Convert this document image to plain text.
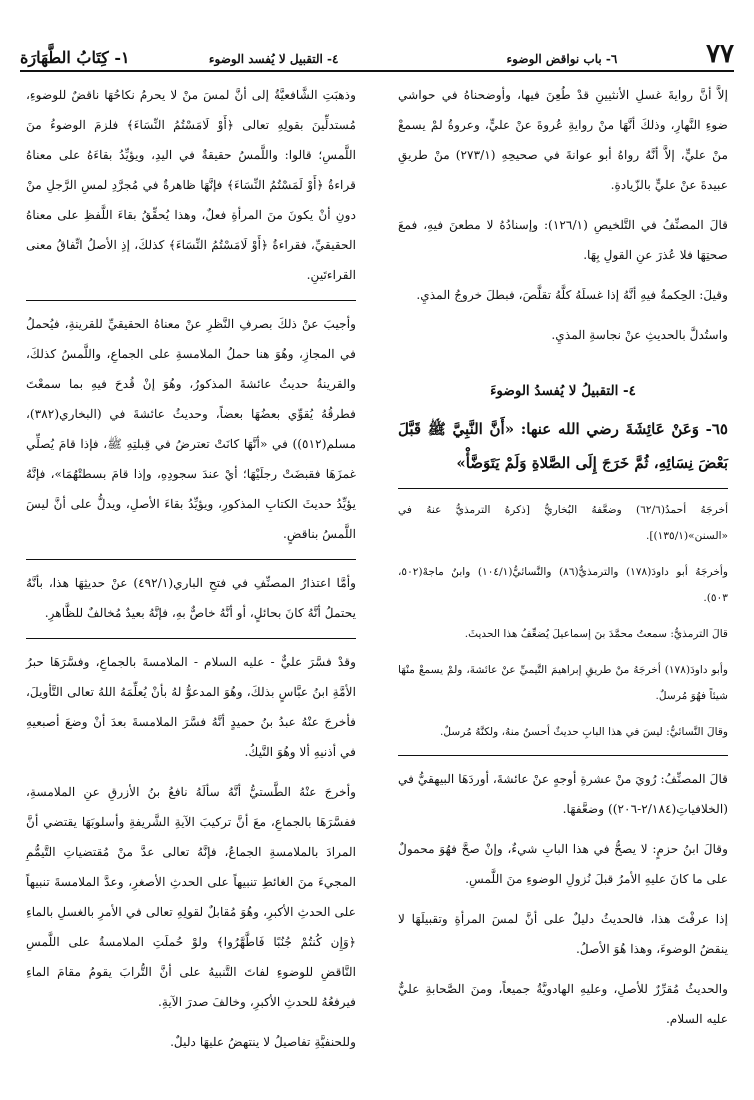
٧٧
٦- باب نواقض الوضوء
٤- التقبيل لا يُفسد الوضوء
١- كِتَابُ الطَّهَارَة

إلاَّ أنَّ روايةَ غسلِ الأنثيينِ قدْ طُعِنَ فيها، وأوضحناهُ في حواشي ضوءِ النَّهارِ، وذلكَ أنَّهَا منْ روايةِ عُروةَ عنْ عليٍّ، وعروةُ لمْ يسمعْ منْ عليٍّ، إلاَّ أنَّهُ رواهُ أبو عوانةَ في صحيحِهِ (٢٧٣/١) منْ طريقِ عبيدةَ عنْ عليٍّ بالزّيادةِ.

قالَ المصنِّفُ في التَّلخيصِ (١٢٦/١): وإسنادُهُ لا مطعنَ فيهِ، فمعَ صحتِهَا فلا عُذرَ عنِ القولِ بِهَا.

وقيلَ: الحِكمةُ فيهِ أنَّهُ إذا غسلَهُ كلَّهُ تقلَّصَ، فبطلَ خروجُ المذيِ.

واستُدلَّ بالحديثِ عنْ نجاسةِ المذيِ.

٤- التقبيلُ لا يُفسدُ الوضوءَ
٦٥- وَعَنْ عَائِشَةَ رضي الله عنها: «أَنَّ النَّبِيَّ ﷺ قَبَّلَ بَعْضَ نِسَائِهِ، ثُمَّ خَرَجَ إِلَى الصَّلاةِ وَلَمْ يَتَوَضَّأْ»

أخرجَهُ أحمدُ(٦٢/٦) وضعَّفهُ البُخاريُّ [ذكرهُ الترمذيُّ عنهُ في «السنن»(١٣٥/١)].

وأخرجَهُ أبو داودَ(١٧٨) والترمذيُّ(٨٦) والنَّسائيُّ(١٠٤/١) وابنُ ماجهْ(٥٠٢، ٥٠٣).

قالَ الترمذيُّ: سمعتُ محمَّدَ بنَ إسماعيلَ يُضعِّفُ هذا الحديثَ.

وأبو داودَ(١٧٨) أخرجَهُ منْ طريقِ إبراهيمَ التَّيميِّ عنْ عائشةَ، ولمْ يسمعْ منْهَا شيئاً فهُوَ مُرسلٌ.

وقالَ النَّسائيُّ: ليسَ في هذا البابِ حديثٌ أحسنُ منهُ، ولكنَّهُ مُرسلٌ.

قالَ المصنِّفُ: رُويَ منْ عشرةِ أوجهٍ عنْ عائشةَ، أوردَهَا البيهقيُّ في (الخلافياتِ(٢/١٨٤-٢٠٦)) وضعَّفهَا.

وقالَ ابنُ حزمٍ: لا يصحُّ في هذا البابِ شيءٌ، وإنْ صحَّ فهُوَ محمولٌ على ما كانَ عليهِ الأمرُ قبلَ نُزولِ الوضوءِ منَ اللَّمسِ.

إذا عرفْتَ هذا، فالحديثُ دليلٌ على أنَّ لمسَ المرأةِ وتقبيلَهَا لا ينقضُ الوضوءَ، وهذا هُوَ الأصلُ.

والحديثُ مُقرِّرٌ للأصلِ، وعليهِ الهادويَّةُ جميعاً، ومنَ الصَّحابةِ عليٌّ عليه السلام.

وذهبَتِ الشَّافعيَّةُ إلى أنَّ لمسَ منْ لا يحرمُ نكاحُهَا ناقضٌ للوضوءِ، مُستدلِّينَ بقولِهِ تعالى ﴿أَوْ لَامَسْتُمُ النِّسَاءَ﴾ فلزمَ الوضوءُ منَ اللَّمسِ؛ قالوا: واللَّمسُ حقيقةٌ في اليدِ، ويؤيِّدُ بقاءَهُ على معناهُ قراءةُ ﴿أَوْ لَمَسْتُمُ النِّسَاءَ﴾ فإنَّهَا ظاهرةٌ في مُجرَّدِ لمسِ الرَّجلِ منْ دونِ أنْ يكونَ منَ المرأةِ فعلٌ، وهذا يُحقِّقُ بقاءَ اللَّفظِ على معناهُ الحقيقيِّ، فقراءةُ ﴿أَوْ لَامَسْتُمُ النِّسَاءَ﴾ كذلكَ، إذِ الأصلُ اتِّفاقُ معنى القراءتَينِ.

وأجيبَ عنْ ذلكَ بصرفِ النَّظرِ عنْ معناهُ الحقيقيِّ للقرينةِ، فيُحملُ في المجازِ، وهُوَ هنا حملُ الملامسةِ على الجماعِ، واللَّمسُ كذلكَ، والقرينةُ حديثُ عائشةَ المذكورُ، وهُوَ إنْ قُدحَ فيهِ بما سمعْتَ فطرقُهُ يُقوِّي بعضُهَا بعضاً، وحديثُ عائشةَ في (البخاري(٣٨٢)، مسلم(٥١٢)) في «أنَّهَا كانَتْ تعترضُ في قِبلتِهِ ﷺ، فإذا قامَ يُصلِّي غمزَهَا فقبضَتْ رجلَيْهَا؛ أيْ عندَ سجودِهِ، وإذا قامَ بسطتْهُمَا»، فإنَّهُ يؤيِّدُ حديثَ الكتابِ المذكورِ، ويؤيِّدُ بقاءَ الأصلِ، ويدلُّ على أنَّ ليسَ اللَّمسُ بناقضٍ.

وأمَّا اعتذارُ المصنِّفِ في فتحِ الباري(٤٩٢/١) عنْ حديثِهَا هذا، بأنَّهُ يحتملُ أنَّهُ كانَ بحائلٍ، أو أنَّهُ خاصٌّ بهِ، فإنَّهُ بعيدٌ مُخالفٌ للظَّاهرِ.

وقدْ فسَّرَ عليٌّ - عليه السلام - الملامسةَ بالجماعِ، وفسَّرَهَا حبرُ الأمَّةِ ابنُ عبَّاسٍ بذلكَ، وهُوَ المدعوُّ لهُ بأنْ يُعلِّمَهُ اللهُ تعالى التَّأويلَ، فأخرجَ عنْهُ عبدُ بنُ حميدٍ أنَّهُ فسَّرَ الملامسةَ بعدَ أنْ وضعَ أصبعيهِ في أذنيهِ ألا وهُوَ النَّيكُ.

وأخرجَ عنْهُ الطَّستيُّ أنَّهُ سألَهُ نافعُ بنُ الأزرقِ عنِ الملامسةِ، ففسَّرَهَا بالجماعِ، معَ أنَّ تركيبَ الآيةِ الشَّريفةِ وأسلوبَهَا يقتضي أنَّ المرادَ بالملامسةِ الجماعُ، فإنَّهُ تعالى عدَّ منْ مُقتضياتِ التَّيمُّمِ المجيءَ منَ الغائطِ تنبيهاً على الحدثِ الأصغرِ، وعدَّ الملامسةَ تنبيهاً على الحدثِ الأكبرِ، وهُوَ مُقابلٌ لقولِهِ تعالى في الأمرِ بالغسلِ بالماءِ ﴿وَإِن كُنتُمْ جُنُبًا فَاطَّهَّرُوا﴾ ولوْ حُملَتِ الملامسةُ على اللَّمسِ النَّاقضِ للوضوءِ لفاتَ التَّنبيهُ على أنَّ التُّرابَ يقومُ مقامَ الماءِ فيرفعُهُ للحدثِ الأكبرِ، وخالفَ صدرَ الآيةِ.

وللحنفيَّةِ تفاصيلُ لا ينتهضُ عليهَا دليلٌ.
